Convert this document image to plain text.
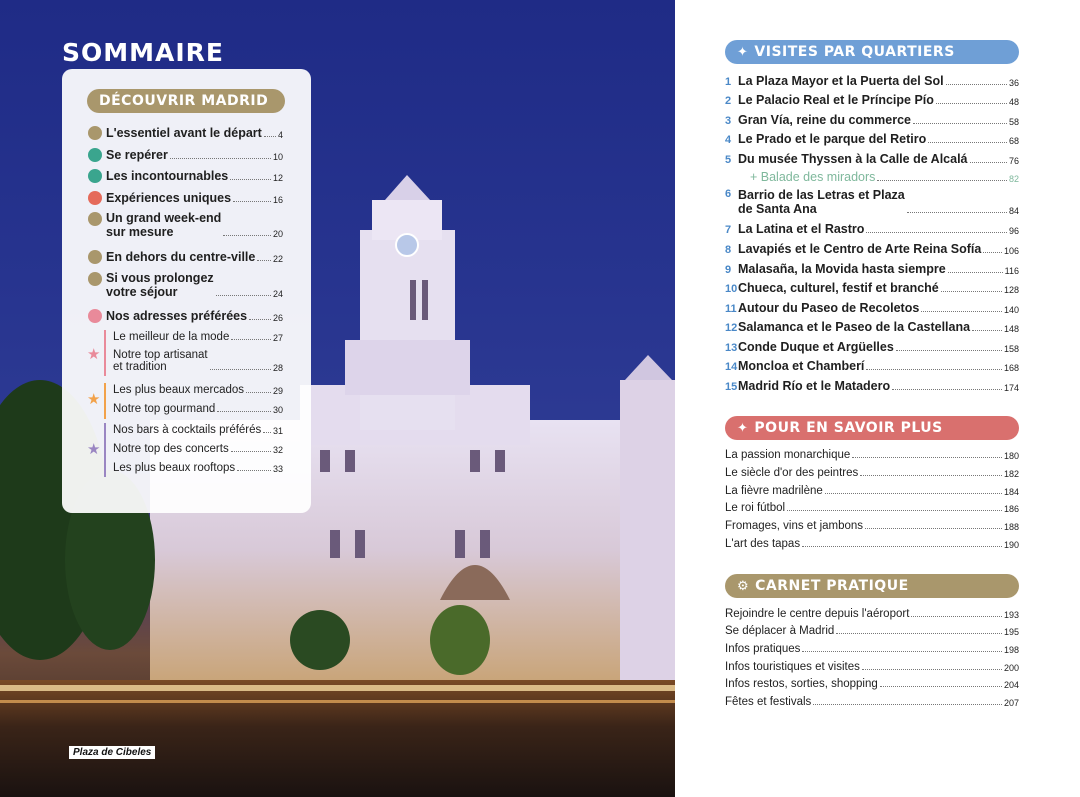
SOMMAIRE
Plaza de Cibeles
DÉCOUVRIR MADRID
L'essentiel avant le départ 4
Se repérer	10
Les incontournables	12
Expériences uniques	16
Un grand week-end
sur mesure	20
En dehors du centre-ville 22
Si vous prolongez
votre séjour	24
Nos adresses préférées	26
★
Le meilleur de la mode	27
Notre top artisanat
et tradition	28
★
Les plus beaux mercados	29
Notre top gourmand	30
★
Nos bars à cocktails préférés 31
Notre top des concerts	32
Les plus beaux rooftops	33
✦ VISITES PAR QUARTIERS
1 La Plaza Mayor et la Puerta del Sol	36
2 Le Palacio Real et le Príncipe Pío	48
3 Gran Vía, reine du commerce	58
4 Le Prado et le parque del Retiro	68
5 Du musée Thyssen à la Calle de Alcalá	76
+ Balade des miradors	82
6 Barrio de las Letras et Plaza
de Santa Ana	84
7 La Latina et el Rastro	96
8 Lavapiés et le Centro de Arte Reina Sofía	106
9 Malasaña, la Movida hasta siempre	116
10 Chueca, culturel, festif et branché	128
11 Autour du Paseo de Recoletos	140
12 Salamanca et le Paseo de la Castellana	148
13 Conde Duque et Argüelles	158
14 Moncloa et Chamberí	168
15 Madrid Río et le Matadero	174
✦ POUR EN SAVOIR PLUS
La passion monarchique	180
Le siècle d'or des peintres	182
La fièvre madrilène	184
Le roi fútbol	186
Fromages, vins et jambons	188
L'art des tapas	190
⚙ CARNET PRATIQUE
Rejoindre le centre depuis l'aéroport	193
Se déplacer à Madrid	195
Infos pratiques	198
Infos touristiques et visites	200
Infos restos, sorties, shopping	204
Fêtes et festivals	207
